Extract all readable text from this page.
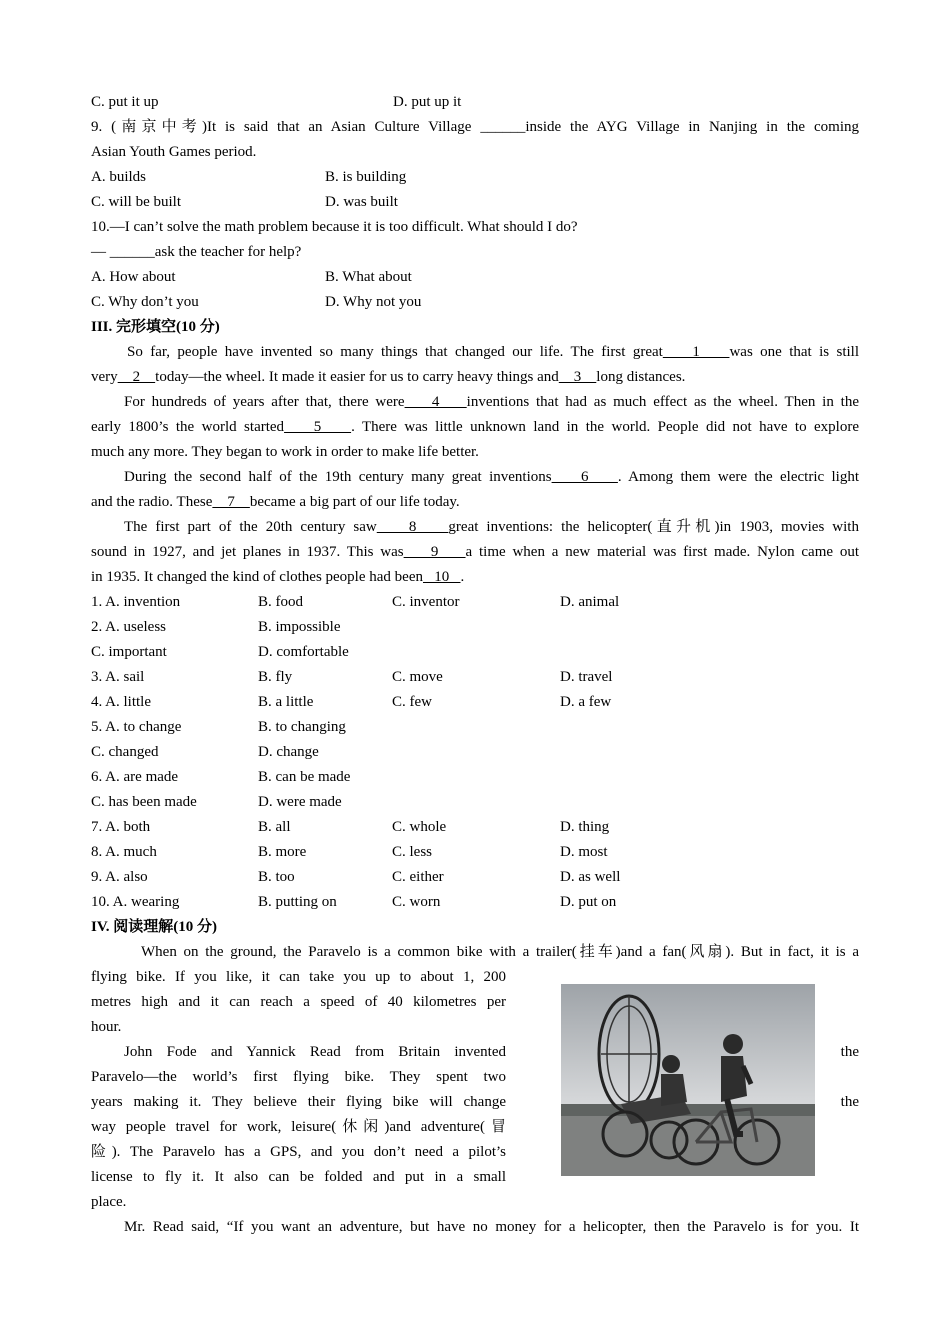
C. put it up	D. put up it
9. (南京中考)It is said that an Asian Culture Village ______inside the AYG Village in Nanjing in the coming
Asian Youth Games period.
A. builds	B. is building
C. will be built	D. was built
10.—I can’t solve the math problem because it is too difficult. What should I do?
— ______ask the teacher for help?
A. How about	B. What about
C. Why don’t you	D. Why not you
III. 完形填空(10 分)
So far, people have invented so many things that changed our life. The first great    1    was one that is still
very    2    today—the wheel. It made it easier for us to carry heavy things and    3    long distances.
For hundreds of years after that, there were    4    inventions that had as much effect as the wheel. Then in the
early 1800’s the world started    5    . There was little unknown land in the world. People did not have to explore
much any more. They began to work in order to make life better.
During the second half of the 19th century many great inventions    6    . Among them were the electric light
and the radio. These    7    became a big part of our life today.
The first part of the 20th century saw    8    great inventions: the helicopter(直升机)in 1903, movies with
sound in 1927, and jet planes in 1937. This was    9    a time when a new material was first made. Nylon came out
in 1935. It changed the kind of clothes people had been   10   .
1. A. invention	B. food	C. inventor	D. animal
2. A. useless	B. impossible
C. important	D. comfortable
3. A. sail	B. fly	C. move	D. travel
4. A. little	B. a little	C. few	D. a few
5. A. to change	B. to changing
C. changed	D. change
6. A. are made	B. can be made
C. has been made	D. were made
7. A. both	B. all	C. whole	D. thing
8. A. much	B. more	C. less	D. most
9. A. also	B. too	C. either	D. as well
10. A. wearing	B. putting on	C. worn	D. put on
IV. 阅读理解(10 分)
When on the ground, the Paravelo is a common bike with a trailer(挂车)and a fan(风扇). But in fact, it is a
flying bike. If you like, it can take you up to about 1, 200
metres high and it can reach a speed of 40 kilometres per
hour.
John Fode and Yannick Read from Britain invented	the
Paravelo—the world’s first flying bike. They spent two
years making it. They believe their flying bike will change	the
way people travel for work, leisure(休闲)and adventure(冒
险). The Paravelo has a GPS, and you don’t need a pilot’s
license to fly it. It also can be folded and put in a small
place.
Mr. Read said, “If you want an adventure, but have no money for a helicopter, then the Paravelo is for you. It
